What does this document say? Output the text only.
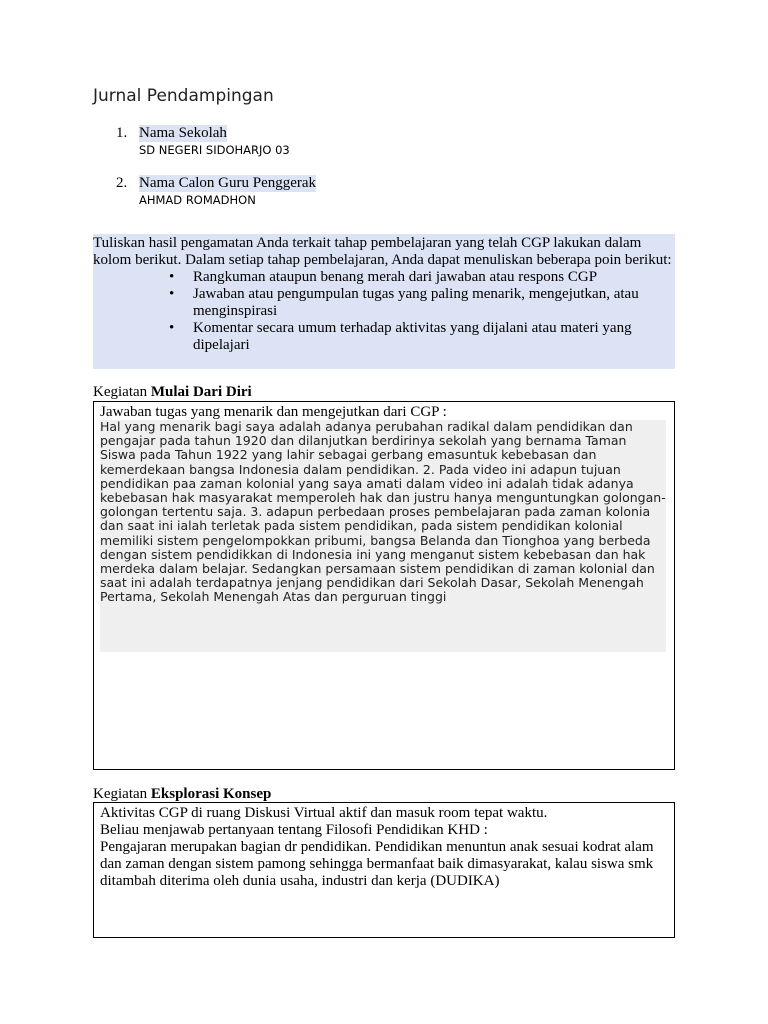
Jurnal Pendampingan
1. Nama Sekolah
SD NEGERI SIDOHARJO 03
2. Nama Calon Guru Penggerak
AHMAD ROMADHON

Tuliskan hasil pengamatan Anda terkait tahap pembelajaran yang telah CGP lakukan dalam kolom berikut. Dalam setiap tahap pembelajaran, Anda dapat menuliskan beberapa poin berikut:

• Rangkuman ataupun benang merah dari jawaban atau respons CGP
• Jawaban atau pengumpulan tugas yang paling menarik, mengejutkan, atau menginspirasi
• Komentar secara umum terhadap aktivitas yang dijalani atau materi yang dipelajari
Kegiatan Mulai Dari Diri
Jawaban tugas yang menarik dan mengejutkan dari CGP :
Hal yang menarik bagi saya adalah adanya perubahan radikal dalam pendidikan dan pengajar pada tahun 1920 dan dilanjutkan berdirinya sekolah yang bernama Taman Siswa pada Tahun 1922 yang lahir sebagai gerbang emasuntuk kebebasan dan kemerdekaan bangsa Indonesia dalam pendidikan. 2. Pada video ini adapun tujuan pendidikan paa zaman kolonial yang saya amati dalam video ini adalah tidak adanya kebebasan hak masyarakat memperoleh hak dan justru hanya menguntungkan golongan-golongan tertentu saja. 3. adapun perbedaan proses pembelajaran pada zaman kolonia dan saat ini ialah terletak pada sistem pendidikan, pada sistem pendidikan kolonial memiliki sistem pengelompokkan pribumi, bangsa Belanda dan Tionghoa yang berbeda dengan sistem pendidikkan di Indonesia ini yang menganut sistem kebebasan dan hak merdeka dalam belajar. Sedangkan persamaan sistem pendidikan di zaman kolonial dan saat ini adalah terdapatnya jenjang pendidikan dari Sekolah Dasar, Sekolah Menengah Pertama, Sekolah Menengah Atas dan perguruan tinggi
Kegiatan Eksplorasi Konsep
Aktivitas CGP di ruang Diskusi Virtual aktif dan masuk room tepat waktu.
Beliau menjawab pertanyaan tentang Filosofi Pendidikan KHD :
Pengajaran merupakan bagian dr pendidikan. Pendidikan menuntun anak sesuai kodrat alam dan zaman dengan sistem pamong sehingga bermanfaat baik dimasyarakat, kalau siswa smk ditambah diterima oleh dunia usaha, industri dan kerja (DUDIKA)
